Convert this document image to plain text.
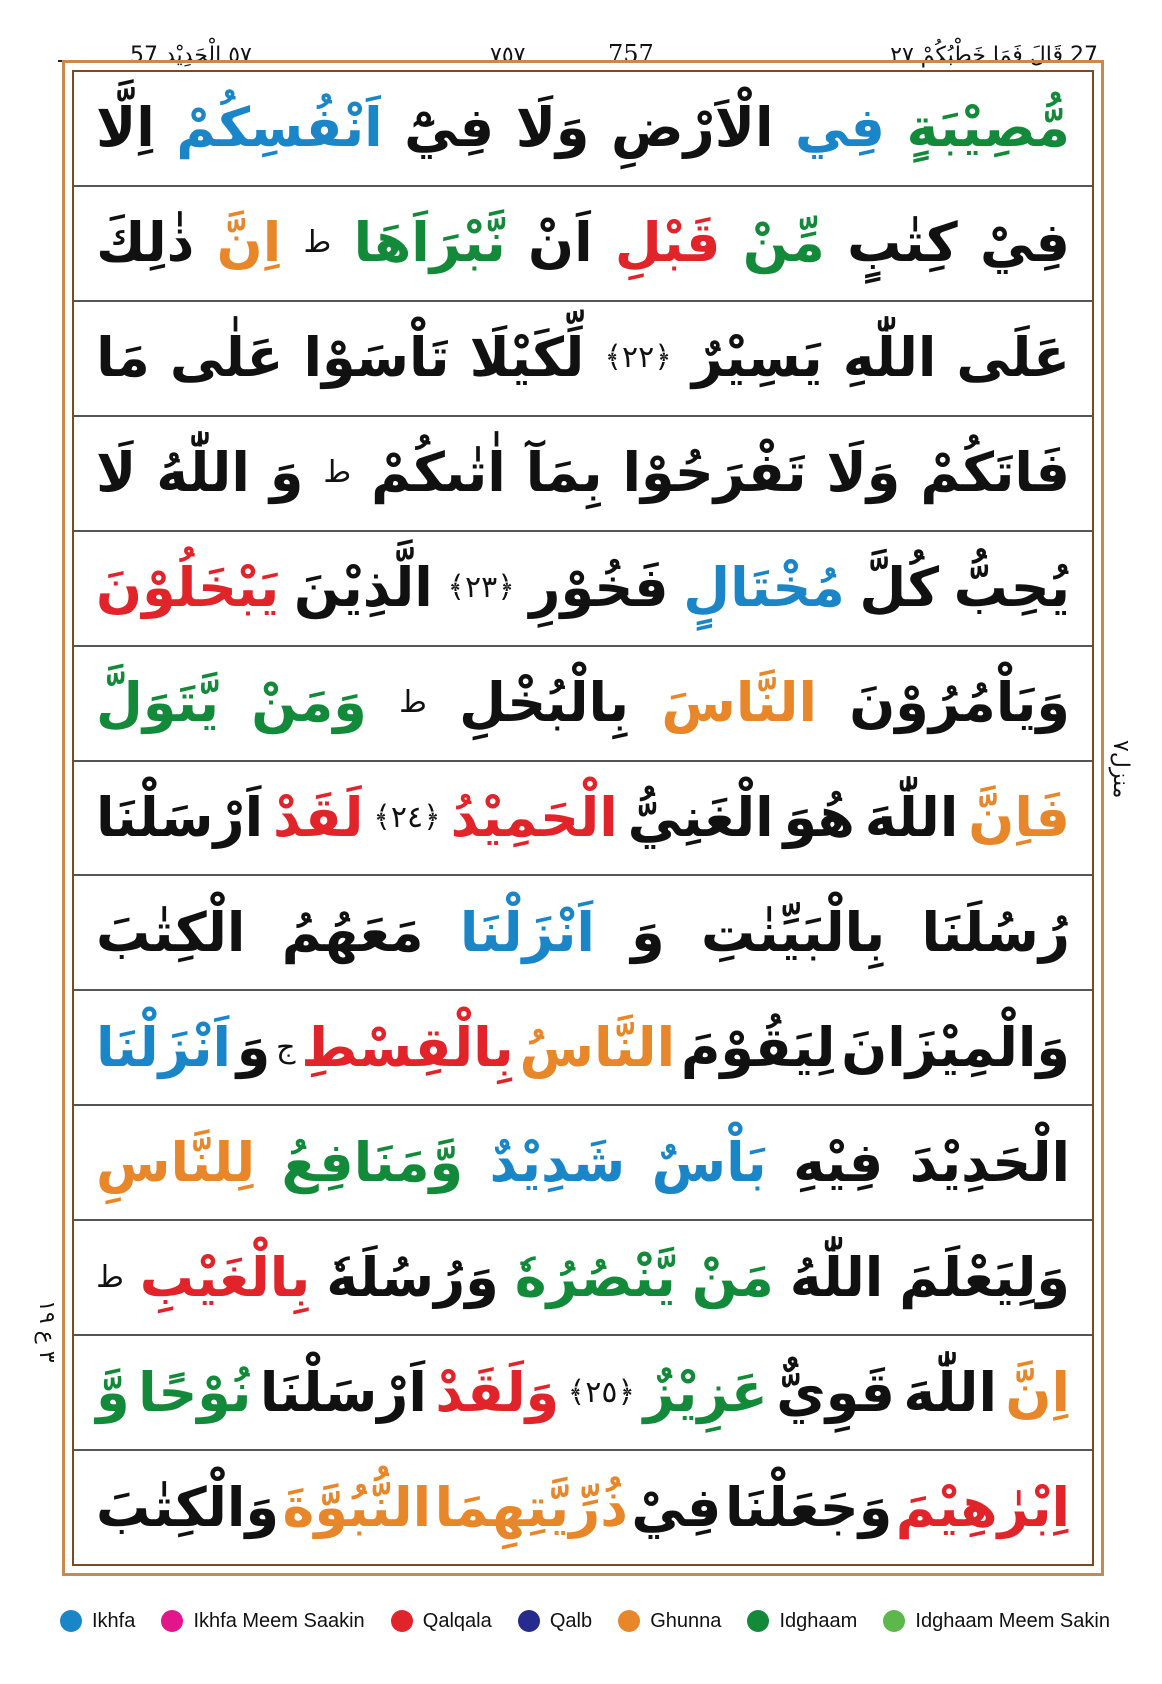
٥٧ الْحَدِيْد 57	٧٥٧	757	27 قَالَ فَمَا خَطْبُكُمْ ٢٧
مُّصِيْبَةٍ
فِي
الْاَرْضِ
وَلَا
فِيْٓ
اَنْفُسِكُمْ
اِلَّا
فِيْ
كِتٰبٍ
مِّنْ
قَبْلِ
اَنْ
نَّبْرَاَهَا
ط
اِنَّ
ذٰلِكَ
عَلَى
اللّٰهِ
يَسِيْرٌ
﴿٢٢﴾
لِّكَيْلَا
تَاْسَوْا
عَلٰى
مَا
فَاتَكُمْ
وَلَا
تَفْرَحُوْا
بِمَآ
اٰتٰىكُمْ
ط
وَ
اللّٰهُ
لَا
يُحِبُّ
كُلَّ
مُخْتَالٍ
فَخُوْرِ
﴿٢٣﴾
الَّذِيْنَ
يَبْخَلُوْنَ
وَيَاْمُرُوْنَ
النَّاسَ
بِالْبُخْلِ
ط
وَمَنْ
يَّتَوَلَّ
فَاِنَّ
اللّٰهَ
هُوَ
الْغَنِيُّ
الْحَمِيْدُ
﴿٢٤﴾
لَقَدْ
اَرْسَلْنَا
رُسُلَنَا
بِالْبَيِّنٰتِ
وَ
اَنْزَلْنَا
مَعَهُمُ
الْكِتٰبَ
وَالْمِيْزَانَ
لِيَقُوْمَ
النَّاسُ
بِالْقِسْطِ
ج
وَ
اَنْزَلْنَا
الْحَدِيْدَ
فِيْهِ
بَاْسٌ
شَدِيْدٌ
وَّمَنَافِعُ
لِلنَّاسِ
وَلِيَعْلَمَ
اللّٰهُ
مَنْ
يَّنْصُرُهٗ
وَرُسُلَهٗ
بِالْغَيْبِ
ط
اِنَّ
اللّٰهَ
قَوِيٌّ
عَزِيْزٌ
﴿٢٥﴾
وَلَقَدْ
اَرْسَلْنَا
نُوْحًا
وَّ
اِبْرٰهِيْمَ
وَجَعَلْنَا
فِيْ
ذُرِّيَّتِهِمَا
النُّبُوَّةَ
وَالْكِتٰبَ
منزل٧
٣ ع ١٩
Ikhfa	Ikhfa Meem Saakin	Qalqala	Qalb	Ghunna	Idghaam	Idghaam Meem Sakin
